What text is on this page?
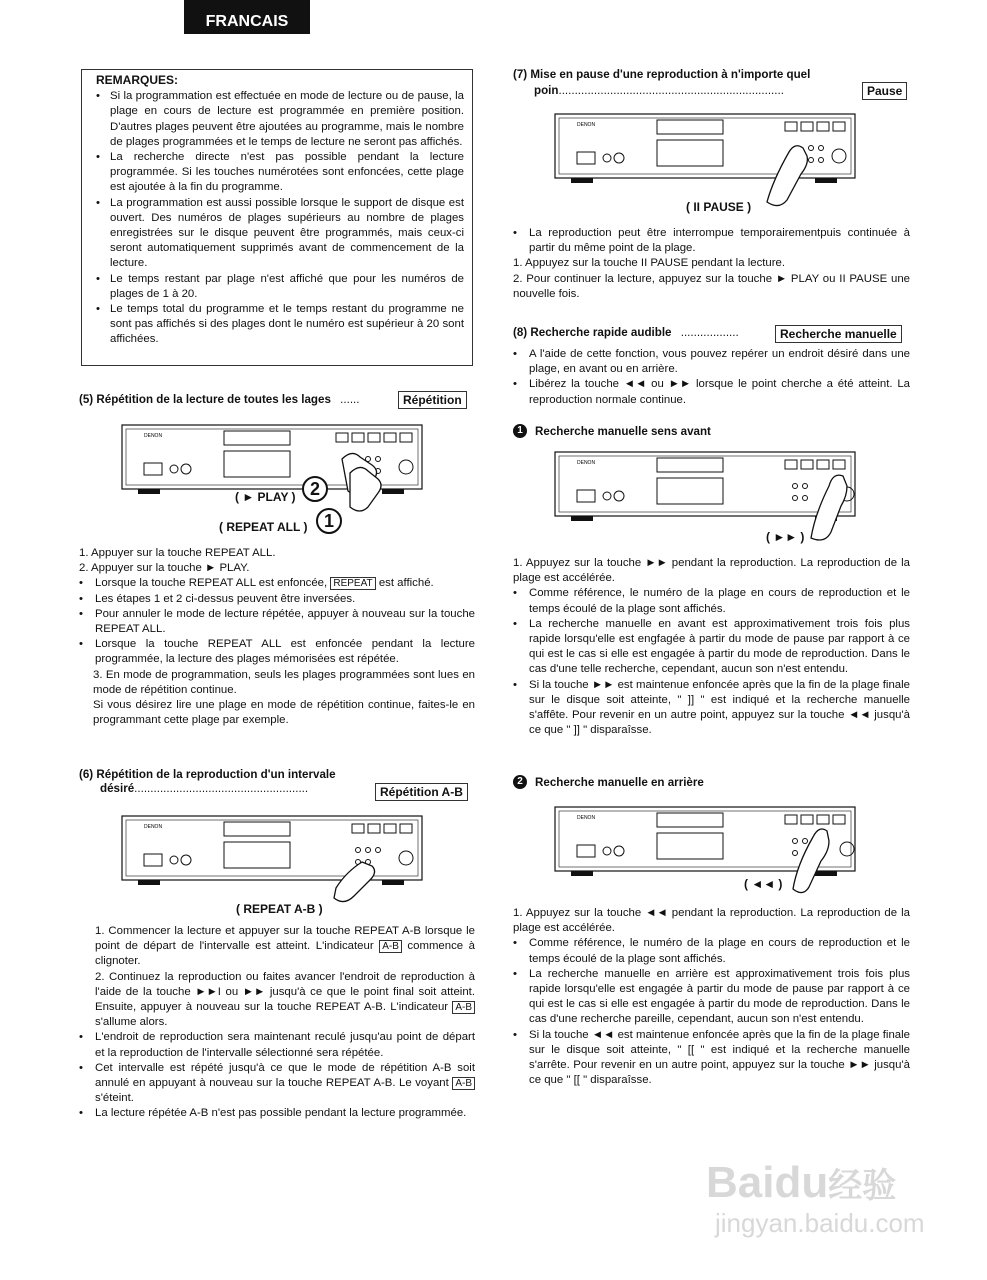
FRANCAIS
REMARQUES:
• Si la programmation est effectuée en mode de lecture ou de pause, la plage en cours de lecture est programmée en première position. D'autres plages peuvent être ajoutées au programme, mais le nombre de plages programmées et le temps de lecture ne seront pas affichés.
• La recherche directe n'est pas possible pendant la lecture programmée. Si les touches numérotées sont enfoncées, cette plage est ajoutée à la fin du programme.
• La programmation est aussi possible lorsque le support de disque est ouvert. Des numéros de plages supérieurs au nombre de plages enregistrées sur le disque peuvent être programmés, mais ceux-ci seront automatiquement supprimés avant de commencement de la lecture.
• Le temps restant par plage n'est affiché que pour les numéros de plages de 1 à 20.
• Le temps total du programme et le temps restant du programme ne sont pas affichés si des plages dont le numéro est supérieur à 20 sont affichées.
(5) Répétition de la lecture de toutes les lages ......	Répétition
DENON
( ► PLAY )
( REPEAT ALL )
2
1
1. Appuyer sur la touche REPEAT ALL.
2. Appuyer sur la touche ► PLAY.
• Lorsque la touche REPEAT ALL est enfoncée, REPEAT est affiché.
• Les étapes 1 et 2 ci-dessus peuvent être inversées.
• Pour annuler le mode de lecture répétée, appuyer à nouveau sur la touche REPEAT ALL.
• Lorsque la touche REPEAT ALL est enfoncée pendant la lecture programmée, la lecture des plages mémorisées est répétée.
3. En mode de programmation, seuls les plages programmées sont lues en mode de répétition continue.
Si vous désirez lire une plage en mode de répétition continue, faites-le en programmant cette plage par exemple.
(6) Répétition de la reproduction d'un intervale
désiré......................................................	Répétition A-B
DENON
( REPEAT A-B )
1. Commencer la lecture et appuyer sur la touche REPEAT A-B lorsque le point de départ de l'intervalle est atteint. L'indicateur A-B commence à clignoter.
2. Continuez la reproduction ou faites avancer l'endroit de reproduction à l'aide de la touche ►►I ou ►► jusqu'à ce que le point final soit atteint. Ensuite, appuyer à nouveau sur la touche REPEAT A-B. L'indicateur A-B s'allume alors.
• L'endroit de reproduction sera maintenant reculé jusqu'au point de départ et la reproduction de l'intervalle sélectionné sera répétée.
• Cet intervalle est répété jusqu'à ce que le mode de répétition A-B soit annulé en appuyant à nouveau sur la touche REPEAT A-B. Le voyant A-B s'éteint.
• La lecture répétée A-B n'est pas possible pendant la lecture programmée.
(7) Mise en pause d'une reproduction à n'importe quel
poin......................................................................	Pause
DENON
( II PAUSE )
• La reproduction peut être interrompue temporairementpuis continuée à partir du même point de la plage.
1. Appuyez sur la touche II PAUSE pendant la lecture.
2. Pour continuer la lecture, appuyez sur la touche ► PLAY ou II PAUSE une nouvelle fois.
(8) Recherche rapide audible ..................	Recherche manuelle
• A l'aide de cette fonction, vous pouvez repérer un endroit désiré dans une plage, en avant ou en arrière.
• Libérez la touche ◄◄ ou ►► lorsque le point cherche a été atteint. La reproduction normale continue.
1	Recherche manuelle sens avant
DENON
( ►► )
1. Appuyez sur la touche ►► pendant la reproduction. La reproduction de la plage est accélérée.
• Comme référence, le numéro de la plage en cours de reproduction et le temps écoulé de la plage sont affichés.
• La recherche manuelle en avant est approximativement trois fois plus rapide lorsqu'elle est engfagée à partir du mode de pause par rapport à ce qui est le cas si elle est engagée à partir du mode de reproduction. Dans le cas d'une telle recherche, cependant, aucun son n'est entendu.
• Si la touche ►► est maintenue enfoncée après que la fin de la plage finale sur le disque soit atteinte, " ]] " est indiqué et la recherche manuelle s'affête. Pour revenir en un autre point, appuyez sur la touche ◄◄ jusqu'à ce que " ]] " disparaîsse.
2	Recherche manuelle en arrière
DENON
( ◄◄ )
1. Appuyez sur la touche ◄◄ pendant la reproduction. La reproduction de la plage est accélérée.
• Comme référence, le numéro de la plage en cours de reproduction et le temps écoulé de la plage sont affichés.
• La recherche manuelle en arrière est approximativement trois fois plus rapide lorsqu'elle est engagée à partir du mode de pause par rapport à ce qui est le cas si elle est engagée à partir du mode de reproduction. Dans le cas d'une recherche pareille, cependant, aucun son n'est entendu.
• Si la touche ◄◄ est maintenue enfoncée après que la fin de la plage finale sur le disque soit atteinte, " [[ " est indiqué et la recherche manuelle s'arrête. Pour revenir en un autre point, appuyez sur la touche ►► jusqu'à ce que " [[ " disparaîsse.
Baidu经验
jingyan.baidu.com
